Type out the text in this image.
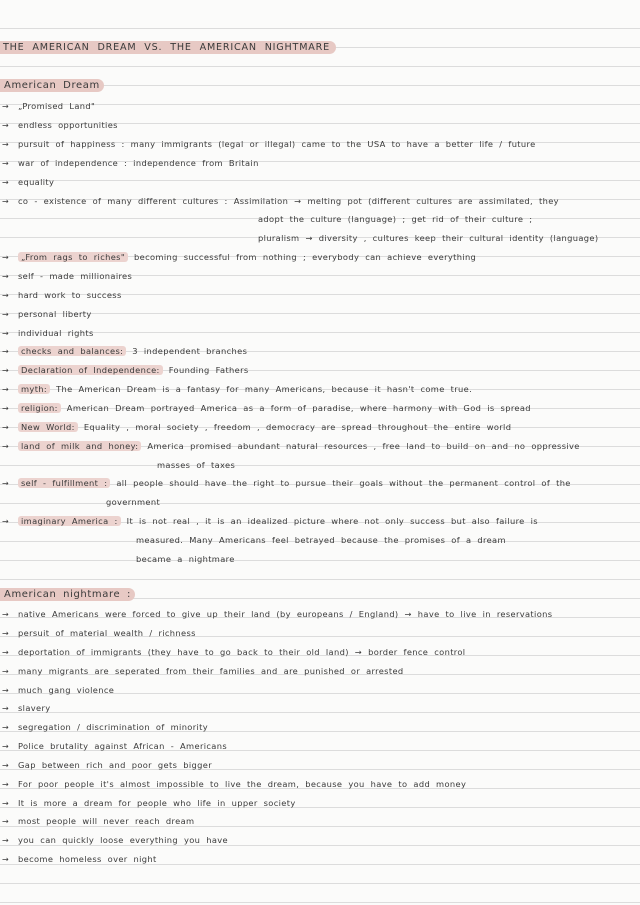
THE AMERICAN DREAM VS. THE AMERICAN NIGHTMARE
American Dream
→ „Promised Land"
→ endless opportunities
→ pursuit of happiness : many immigrants (legal or illegal) came to the USA to have a better life / future
→ war of independence : independence from Britain
→ equality
→ co - existence of many different cultures : Assimilation → melting pot (different cultures are assimilated, they
adopt the culture (language) ; get rid of their culture ;
pluralism → diversity , cultures keep their cultural identity (language)
→ „From rags to riches" becoming successful from nothing ; everybody can achieve everything
→ self - made millionaires
→ hard work to success
→ personal liberty
→ individual rights
→ checks and balances: 3 independent branches
→ Declaration of Independence: Founding Fathers
→ myth: The American Dream is a fantasy for many Americans, because it hasn't come true.
→ religion: American Dream portrayed America as a form of paradise, where harmony with God is spread
→ New World: Equality , moral society , freedom , democracy are spread throughout the entire world
→ land of milk and honey: America promised abundant natural resources , free land to build on and no oppressive
masses of taxes
→ self - fulfillment : all people should have the right to pursue their goals without the permanent control of the
government
→ imaginary America : It is not real , it is an idealized picture where not only success but also failure is
measured. Many Americans feel betrayed because the promises of a dream
became a nightmare
American nightmare :
→ native Americans were forced to give up their land (by europeans / England) → have to live in reservations
→ persuit of material wealth / richness
→ deportation of immigrants (they have to go back to their old land) → border fence control
→ many migrants are seperated from their families and are punished or arrested
→ much gang violence
→ slavery
→ segregation / discrimination of minority
→ Police brutality against African - Americans
→ Gap between rich and poor gets bigger
→ For poor people it's almost impossible to live the dream, because you have to add money
→ It is more a dream for people who life in upper society
→ most people will never reach dream
→ you can quickly loose everything you have
→ become homeless over night
